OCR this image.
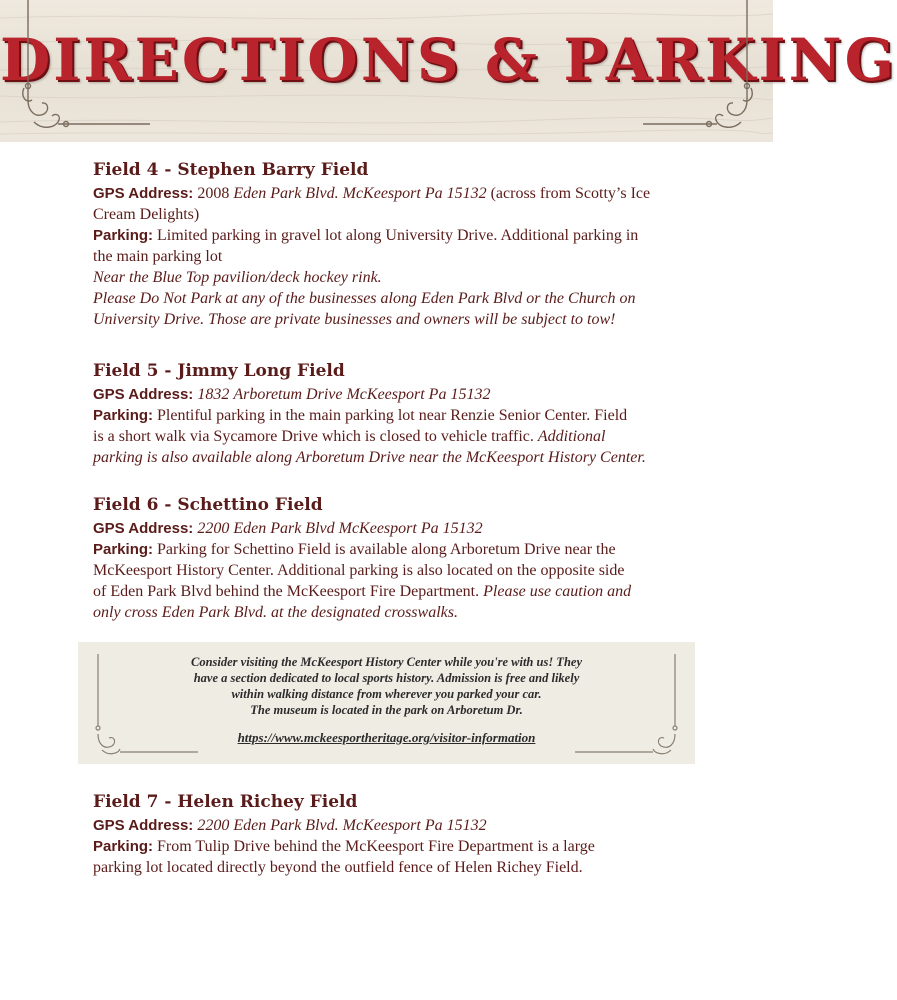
DIRECTIONS & PARKING
Field 4 - Stephen Barry Field

GPS Address: 2008 Eden Park Blvd. McKeesport Pa 15132 (across from Scotty’s Ice

Cream Delights)

Parking: Limited parking in gravel lot along University Drive. Additional parking in

the main parking lot

Near the Blue Top pavilion/deck hockey rink.

Please Do Not Park at any of the businesses along Eden Park Blvd or the Church on

University Drive. Those are private businesses and owners will be subject to tow!

Field 5 - Jimmy Long Field

GPS Address: 1832 Arboretum Drive McKeesport Pa 15132

Parking: Plentiful parking in the main parking lot near Renzie Senior Center. Field

is a short walk via Sycamore Drive which is closed to vehicle traffic. Additional

parking is also available along Arboretum Drive near the McKeesport History Center.

Field 6 - Schettino Field

GPS Address: 2200 Eden Park Blvd McKeesport Pa 15132

Parking: Parking for Schettino Field is available along Arboretum Drive near the

McKeesport History Center. Additional parking is also located on the opposite side

of Eden Park Blvd behind the McKeesport Fire Department. Please use caution and

only cross Eden Park Blvd. at the designated crosswalks.

Consider visiting the McKeesport History Center while you're with us! They
have a section dedicated to local sports history. Admission is free and likely
within walking distance from wherever you parked your car.
The museum is located in the park on Arboretum Dr.
https://www.mckeesportheritage.org/visitor-information
Field 7 - Helen Richey Field

GPS Address: 2200 Eden Park Blvd. McKeesport Pa 15132

Parking: From Tulip Drive behind the McKeesport Fire Department is a large

parking lot located directly beyond the outfield fence of Helen Richey Field.
